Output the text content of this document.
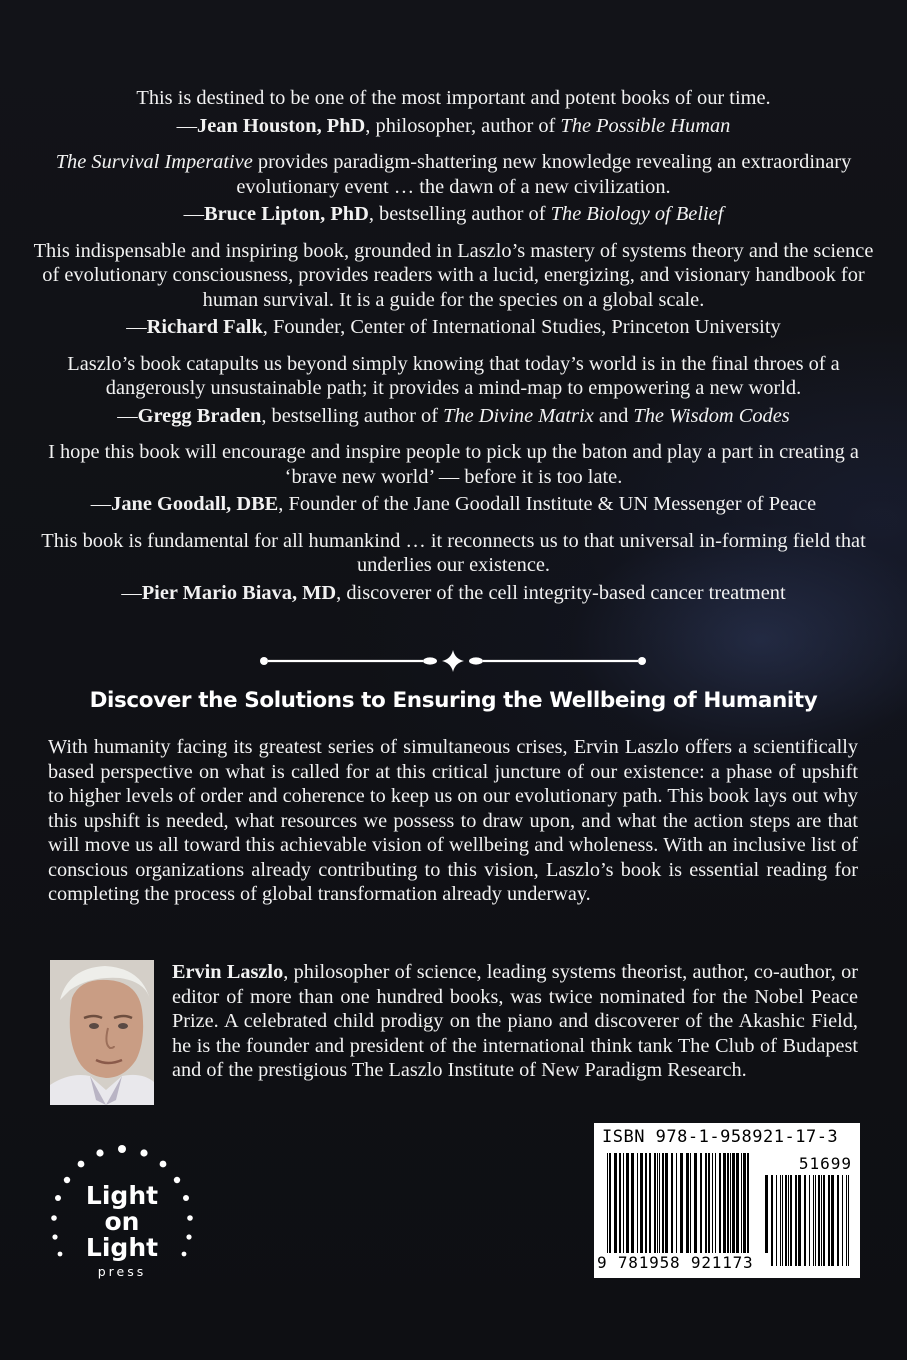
This is destined to be one of the most important and potent books of our time.

—Jean Houston, PhD, philosopher, author of The Possible Human

The Survival Imperative provides paradigm-shattering new knowledge revealing an extraordinary evolutionary event … the dawn of a new civilization.

—Bruce Lipton, PhD, bestselling author of The Biology of Belief

This indispensable and inspiring book, grounded in Laszlo’s mastery of systems theory and the science of evolutionary consciousness, provides readers with a lucid, energizing, and visionary handbook for human survival. It is a guide for the species on a global scale.

—Richard Falk, Founder, Center of International Studies, Princeton University

Laszlo’s book catapults us beyond simply knowing that today’s world is in the final throes of a dangerously unsustainable path; it provides a mind-map to empowering a new world.

—Gregg Braden, bestselling author of The Divine Matrix and The Wisdom Codes

I hope this book will encourage and inspire people to pick up the baton and play a part in creating a ‘brave new world’ — before it is too late.

—Jane Goodall, DBE, Founder of the Jane Goodall Institute & UN Messenger of Peace

This book is fundamental for all humankind … it reconnects us to that universal in-forming field that underlies our existence.

—Pier Mario Biava, MD, discoverer of the cell integrity-based cancer treatment

Discover the Solutions to Ensuring the Wellbeing of Humanity

With humanity facing its greatest series of simultaneous crises, Ervin Laszlo offers a scientifically based perspective on what is called for at this critical juncture of our existence: a phase of upshift to higher levels of order and coherence to keep us on our evolutionary path. This book lays out why this upshift is needed, what resources we possess to draw upon, and what the action steps are that will move us all toward this achievable vision of wellbeing and wholeness. With an inclusive list of conscious organizations already contributing to this vision, Laszlo’s book is essential reading for completing the process of global transformation already underway.

Ervin Laszlo, philosopher of science, leading systems theorist, author, co-author, or editor of more than one hundred books, was twice nominated for the Nobel Peace Prize. A celebrated child prodigy on the piano and discoverer of the Akashic Field, he is the founder and president of the international think tank The Club of Budapest and of the prestigious The Laszlo Institute of New Paradigm Research.

Light
on
Light
press
ISBN 978-1-958921-17-3
51699
9 781958 921173
